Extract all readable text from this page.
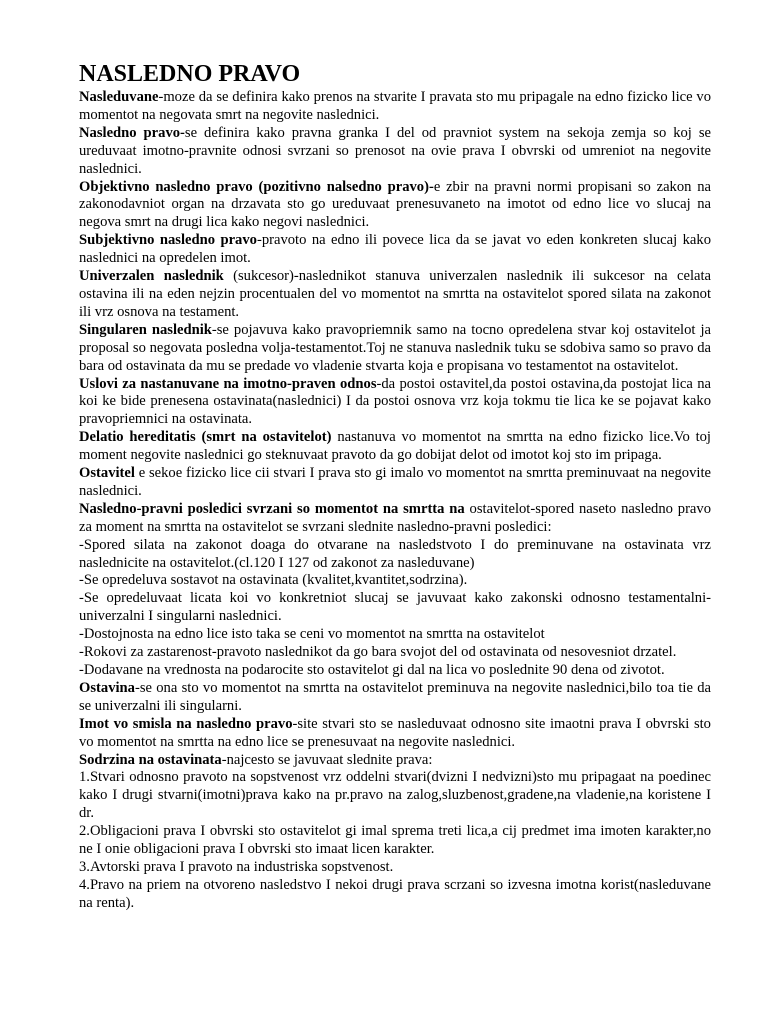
NASLEDNO PRAVO

Nasleduvane-moze da se definira kako prenos na stvarite I pravata sto mu pripagale na edno fizicko lice vo momentot na negovata smrt na negovite naslednici.

Nasledno pravo-se definira kako pravna granka I del od pravniot system na sekoja zemja so koj se ureduvaat imotno-pravnite odnosi svrzani so prenosot na ovie prava I obvrski od umreniot na negovite naslednici.

Objektivno nasledno pravo (pozitivno nalsedno pravo)-e zbir na pravni normi propisani so zakon na zakonodavniot organ na drzavata sto go ureduvaat prenesuvaneto na imotot od edno lice vo slucaj na negova smrt na drugi lica kako negovi naslednici.

Subjektivno nasledno pravo-pravoto na edno ili povece lica da se javat vo eden konkreten slucaj kako naslednici na opredelen imot.

Univerzalen naslednik (sukcesor)-naslednikot stanuva univerzalen naslednik ili sukcesor na celata ostavina ili na eden nejzin procentualen del vo momentot na smrtta na ostavitelot spored silata na zakonot ili vrz osnova na testament.

Singularen naslednik-se pojavuva kako pravopriemnik samo na tocno opredelena stvar koj ostavitelot ja proposal so negovata posledna volja-testamentot.Toj ne stanuva naslednik tuku se sdobiva samo so pravo da bara od ostavinata da mu se predade vo vladenie stvarta koja e propisana vo testamentot na ostavitelot.

Uslovi za nastanuvane na imotno-praven odnos-da postoi ostavitel,da postoi ostavina,da postojat lica na koi ke bide prenesena ostavinata(naslednici) I da postoi osnova vrz koja tokmu tie lica ke se pojavat kako pravopriemnici na ostavinata.

Delatio hereditatis (smrt na ostavitelot) nastanuva vo momentot na smrtta na edno fizicko lice.Vo toj moment negovite naslednici go steknuvaat pravoto da go dobijat delot od imotot koj sto im pripaga.

Ostavitel e sekoe fizicko lice cii stvari I prava sto gi imalo vo momentot na smrtta preminuvaat na negovite naslednici.

Nasledno-pravni posledici svrzani so momentot na smrtta na ostavitelot-spored naseto nasledno pravo za moment na smrtta na ostavitelot se svrzani slednite nasledno-pravni posledici:

-Spored silata na zakonot doaga do otvarane na nasledstvoto I do preminuvane na ostavinata vrz naslednicite na ostavitelot.(cl.120 I 127 od zakonot za nasleduvane)

-Se opredeluva sostavot na ostavinata (kvalitet,kvantitet,sodrzina).

-Se opredeluvaat licata koi vo konkretniot slucaj se javuvaat kako zakonski odnosno testamentalni-univerzalni I singularni naslednici.

-Dostojnosta na edno lice isto taka se ceni vo momentot na smrtta na ostavitelot

-Rokovi za zastarenost-pravoto naslednikot da go bara svojot del od ostavinata od nesovesniot drzatel.

-Dodavane na vrednosta na podarocite sto ostavitelot gi dal na lica vo poslednite 90 dena od zivotot.

Ostavina-se ona sto vo momentot na smrtta na ostavitelot preminuva na negovite naslednici,bilo toa tie da se univerzalni ili singularni.

Imot vo smisla na nasledno pravo-site stvari sto se nasleduvaat odnosno site imaotni prava I obvrski sto vo momentot na smrtta na edno lice se prenesuvaat na negovite naslednici.

Sodrzina na ostavinata-najcesto se javuvaat slednite prava:

1.Stvari odnosno pravoto na sopstvenost vrz oddelni stvari(dvizni I nedvizni)sto mu pripagaat na poedinec kako I drugi stvarni(imotni)prava kako na pr.pravo na zalog,sluzbenost,gradene,na vladenie,na koristene I dr.

2.Obligacioni prava I obvrski sto ostavitelot gi imal sprema treti lica,a cij predmet ima imoten karakter,no ne I onie obligacioni prava I obvrski sto imaat licen karakter.

3.Avtorski prava I pravoto na industriska sopstvenost.

4.Pravo na priem na otvoreno nasledstvo I nekoi drugi prava scrzani so izvesna imotna korist(nasleduvane na renta).
